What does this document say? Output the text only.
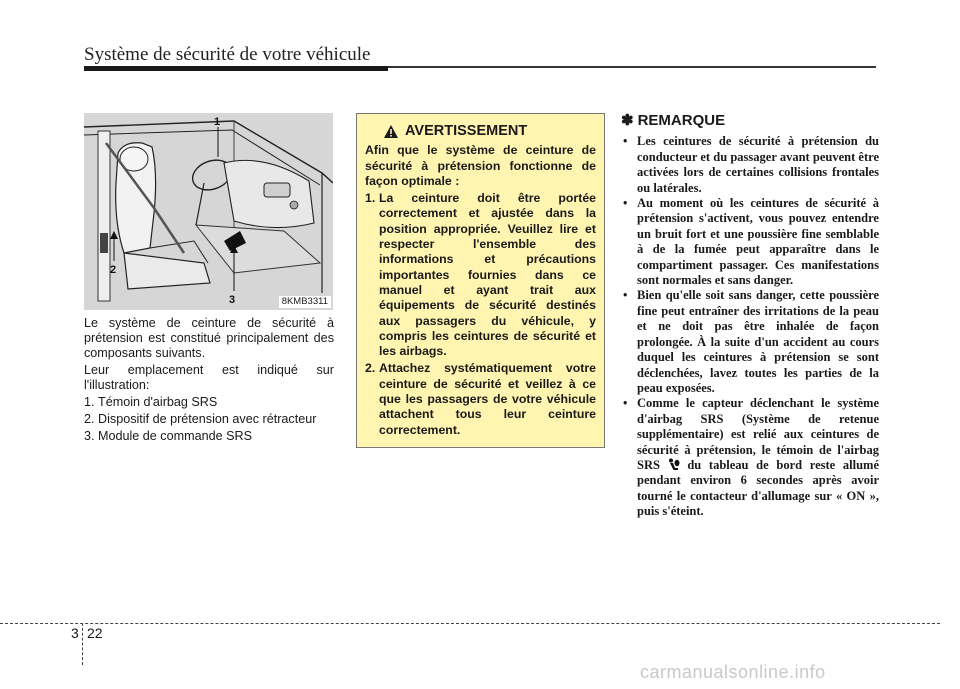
Système de sécurité de votre véhicule
1
2
3	8KMB3311

Le système de ceinture de sécurité à prétension est constitué principalement des composants suivants.

Leur emplacement est indiqué sur l'illustration:

1. Témoin d'airbag SRS
2. Dispositif de prétension avec rétracteur
3. Module de commande SRS
AVERTISSEMENT

Afin que le système de ceinture de sécurité à prétension fonctionne de façon optimale :

1. La ceinture doit être portée correctement et ajustée dans la position appropriée. Veuillez lire et respecter l'ensemble des informations et précautions importantes fournies dans ce manuel et ayant trait aux équipements de sécurité destinés aux passagers du véhicule, y compris les ceintures de sécurité et les airbags.
2. Attachez systématiquement votre ceinture de sécurité et veillez à ce que les passagers de votre véhicule attachent tous leur ceinture correctement.
✽ REMARQUE
• Les ceintures de sécurité à prétension du conducteur et du passager avant peuvent être activées lors de certaines collisions frontales ou latérales.
• Au moment où les ceintures de sécurité à prétension s'activent, vous pouvez entendre un bruit fort et une poussière fine semblable à de la fumée peut apparaître dans le compartiment passager. Ces manifestations sont normales et sans danger.
• Bien qu'elle soit sans danger, cette poussière fine peut entraîner des irritations de la peau et ne doit pas être inhalée de façon prolongée. À la suite d'un accident au cours duquel les ceintures à prétension se sont déclenchées, lavez toutes les parties de la peau exposées.
• Comme le capteur déclenchant le système d'airbag SRS (Système de retenue supplémentaire) est relié aux ceintures de sécurité à prétension, le témoin de l'airbag SRS du tableau de bord reste allumé pendant environ 6 secondes après avoir tourné le contacteur d'allumage sur « ON », puis s'éteint.
3 22
carmanualsonline.info
